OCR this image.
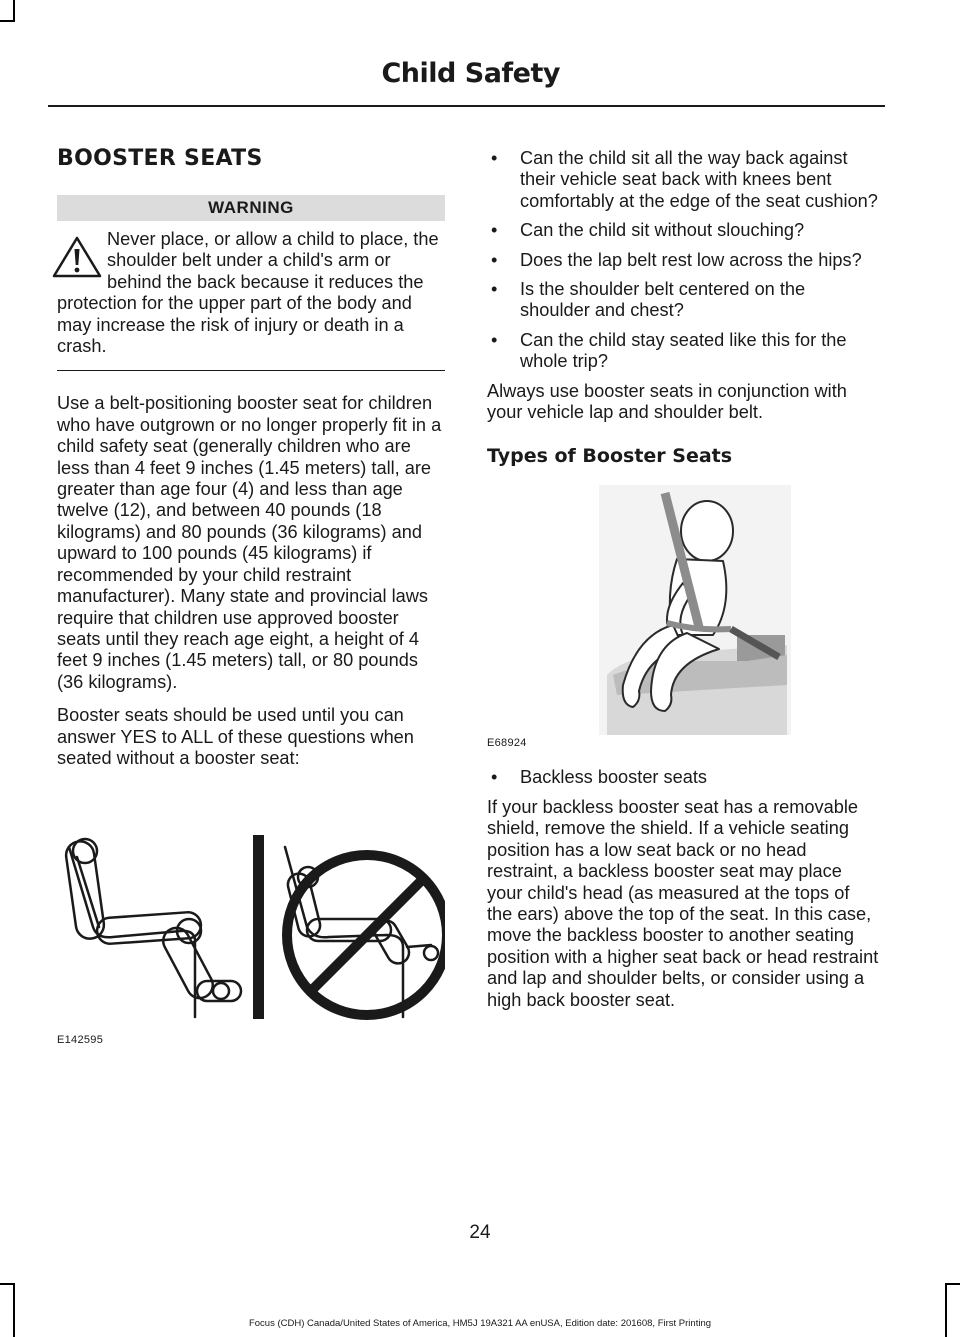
Child Safety
BOOSTER SEATS
WARNING
Never place, or allow a child to place, the shoulder belt under a child's arm or behind the back because it reduces the protection for the upper part of the body and may increase the risk of injury or death in a crash.

Use a belt-positioning booster seat for children who have outgrown or no longer properly fit in a child safety seat (generally children who are less than 4 feet 9 inches (1.45 meters) tall, are greater than age four (4) and less than age twelve (12), and between 40 pounds (18 kilograms) and 80 pounds (36 kilograms) and upward to 100 pounds (45 kilograms) if recommended by your child restraint manufacturer). Many state and provincial laws require that children use approved booster seats until they reach age eight, a height of 4 feet 9 inches (1.45 meters) tall, or 80 pounds (36 kilograms).

Booster seats should be used until you can answer YES to ALL of these questions when seated without a booster seat:

E142595
• Can the child sit all the way back against their vehicle seat back with knees bent comfortably at the edge of the seat cushion?
• Can the child sit without slouching?
• Does the lap belt rest low across the hips?
• Is the shoulder belt centered on the shoulder and chest?
• Can the child stay seated like this for the whole trip?

Always use booster seats in conjunction with your vehicle lap and shoulder belt.

Types of Booster Seats
E68924
• Backless booster seats

If your backless booster seat has a removable shield, remove the shield. If a vehicle seating position has a low seat back or no head restraint, a backless booster seat may place your child's head (as measured at the tops of the ears) above the top of the seat. In this case, move the backless booster to another seating position with a higher seat back or head restraint and lap and shoulder belts, or consider using a high back booster seat.

24
Focus (CDH) Canada/United States of America, HM5J 19A321 AA enUSA, Edition date: 201608, First Printing
